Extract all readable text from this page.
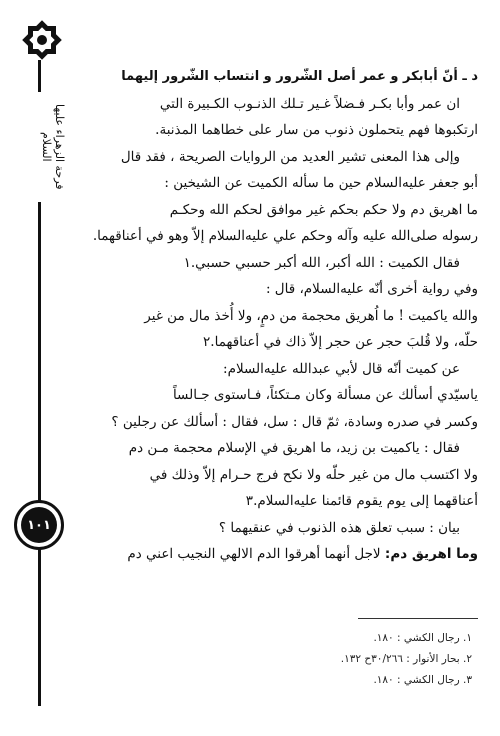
فرحة الزهراء عليها السلام
١٠١

د ـ أنّ أبابكر و عمر أصل الشّرور و انتساب الشّرور إليهما

ان عمر وأبا بكـر فـضلاً غـير تـلك الذنـوب الكـبيرة التي

ارتكبوها فهم يتحملون ذنوب من سار على خطاهما المذنبة.

وإلى هذا المعنى تشير العديد من الروايات الصريحة ، فقد قال

أبو جعفر عليه‌السلام حين ما سأله الكميت عن الشيخين :

ما اهريق دم ولا حكم بحكم غير موافق لحكم الله وحكـم

رسوله صلى‌الله عليه وآله وحكم علي عليه‌السلام إلاّ وهو في أعناقهما.

فقال الكميت : الله أكبر، الله أكبر حسبي حسبي.١

وفي رواية أخرى أنّه عليه‌السلام، قال :

والله ياكميت ! ما اُهريق محجمة من دمٍ، ولا أُخذ مال من غير

حلّه، ولا قُلبَ حجر عن حجر إلاّ ذاك في أعناقهما.٢

عن كميت أنّه قال لأبي عبدالله عليه‌السلام:

ياسيّدي أسألك عن مسألة وكان مـتكئاً، فـاستوى جـالساً

وكسر في صدره وسادة، ثمّ قال : سل، فقال : أسألك عن رجلين ؟

فقال : ياكميت بن زيد، ما اهريق في الإسلام محجمة مـن دم

ولا اكتسب مال من غير حلّه ولا نكح فرج حـرام إلاّ وذلك في

أعناقهما إلى يوم يقوم قائمنا عليه‌السلام.٣

بيان : سبب تعلق هذه الذنوب في عنقيهما ؟

وما اهريق دم: لاجل أنهما أهرقوا الدم الالهي النجيب اعني دم

١. رجال الكشي : ١٨٠.

٢. بحار الأنوار : ٣٠/٢٦٦ح ١٣٢.

٣. رجال الكشي : ١٨٠.
